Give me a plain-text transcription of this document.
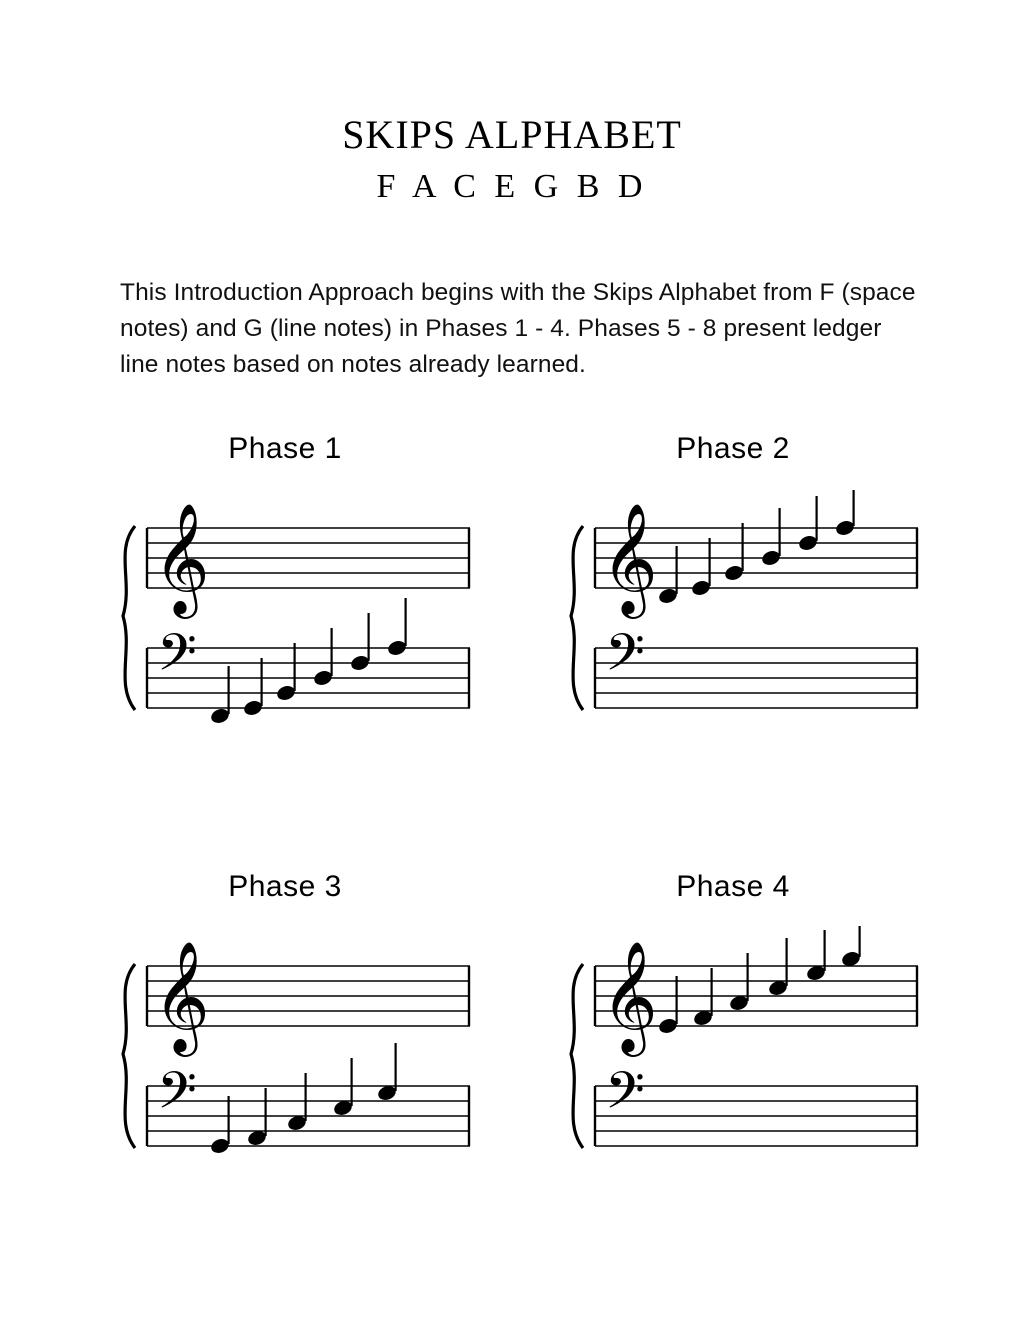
SKIPS ALPHABET
F A C E G B D

This Introduction Approach begins with the Skips Alphabet from F (space notes) and G (line notes) in Phases 1 - 4. Phases 5 - 8 present ledger line notes based on notes already learned.

Phase 1
𝄞
𝄢
Phase 2
𝄞
𝄢
Phase 3
𝄞
𝄢
Phase 4
𝄞
𝄢
